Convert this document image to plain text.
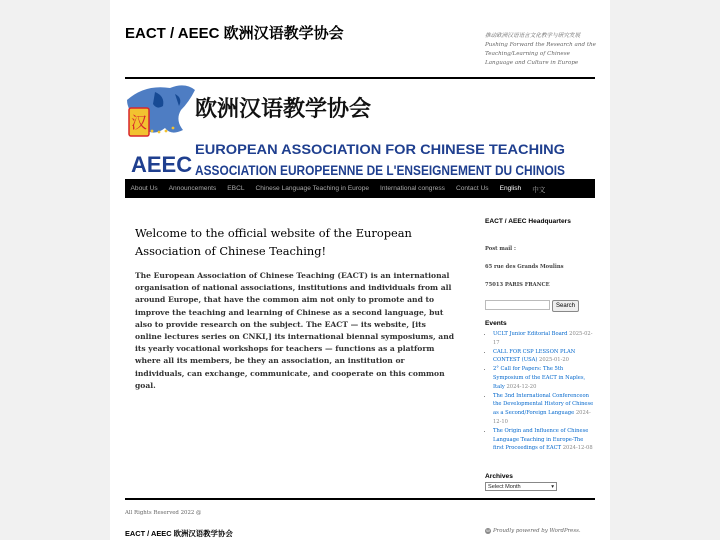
EACT / AEEC 欧洲汉语教学协会	推动欧洲汉语语言文化教学与研究发展 Pushing Forward the Research and the Teaching/Learning of Chinese Language and Culture in Europe
汉
AEEC
欧洲汉语教学协会
EUROPEAN ASSOCIATION FOR CHINESE TEACHING
ASSOCIATION EUROPEENNE DE L'ENSEIGNEMENT DU CHINOIS
About Us	Announcements	EBCL	Chinese Language Teaching in Europe	International congress	Contact Us	English	中文
Welcome to the official website of the European Association of Chinese Teaching!

The European Association of Chinese Teaching (EACT) is an international organisation of national associations, institutions and individuals from all around Europe, that have the common aim not only to promote and to improve the teaching and learning of Chinese as a second language, but also to provide research on the subject. The EACT — its website, [its online lectures series on CNKI,] its international biennal symposiums, and its yearly vocational workshops for teachers — functions as a platform where all its members, be they an association, an institution or individuals, can exchange, communicate, and cooperate on this common goal.

EACT / AEEC Headquarters
Post mail :
65 rue des Grands Moulins
75013 PARIS FRANCE
Search
Events
▪ UCLT Junior Editorial Board 2025-02-17
▪ CALL FOR CSP LESSON PLAN CONTEST (USA) 2025-01-20
▪ 2° Call for Papers: The 5th Symposium of the EACT in Naples, Italy 2024-12-20
▪ The 3nd International Conferenceon the Developmental History of Chinese as a Second/Foreign Language 2024-12-10
▪ The Origin and Influence of Chinese Language Teaching in Europe-The first Proceedings of EACT 2024-12-08
Archives
Select Month	▾
All Rights Reserved 2022 @
EACT / AEEC 欧洲汉语教学协会	W Proudly powered by WordPress.
